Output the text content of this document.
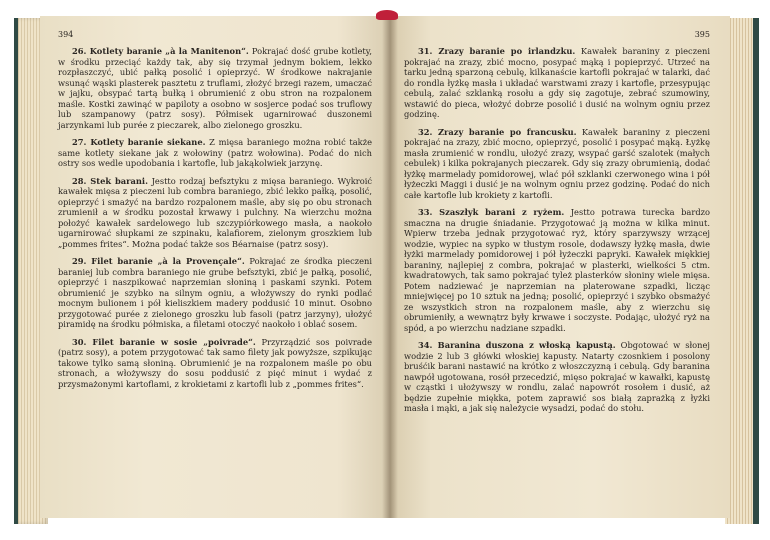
394

26. Kotlety baranie „à la Manitenon“. Pokrajać dość grube kotlety, w środku przeciąć każdy tak, aby się trzymał jednym bokiem, lekko rozpłaszczyć, ubić pałką posolić i opieprzyć. W środkowe nakrajanie wsunąć wąski plasterek pasztetu z truflami, złożyć brzegi razem, umaczać w jajku, obsypać tartą bułką i obrumienić z obu stron na rozpalonem maśle. Kostki zawinąć w papiloty a osobno w sosjerce podać sos truflowy lub szampanowy (patrz sosy). Półmisek ugarnirować duszonemi jarzynkami lub purée z pieczarek, albo zielonego groszku.

27. Kotlety baranie siekane. Z mięsa baraniego można robić także same kotlety siekane jak z wołowiny (patrz wołowina). Podać do nich ostry sos wedle upodobania i kartofle, lub jakąkolwiek jarzynę.

28. Stek barani. Jestto rodzaj befsztyku z mięsa baraniego. Wykroić kawałek mięsa z pieczeni lub combra baraniego, zbić lekko pałką, posolić, opieprzyć i smażyć na bardzo rozpalonem maśle, aby się po obu stronach zrumienił a w środku pozostał krwawy i pulchny. Na wierzchu można położyć kawałek sardelowego lub szczypiórkowego masła, a naokoło ugarnirować słupkami ze szpinaku, kalafiorem, zielonym groszkiem lub „pommes frites“. Można podać także sos Béarnaise (patrz sosy).

29. Filet baranie „à la Provençale“. Pokrajać ze środka pieczeni baraniej lub combra baraniego nie grube befsztyki, zbić je pałką, posolić, opieprzyć i naszpikować naprzemian słoniną i paskami szynki. Potem obrumienić je szybko na silnym ogniu, a włożywszy do rynki podlać mocnym bulionem i pół kieliszkiem madery poddusić 10 minut. Osobno przygotować purée z zielonego groszku lub fasoli (patrz jarzyny), ułożyć piramidę na środku półmiska, a filetami otoczyć naokoło i oblać sosem.

30. Filet baranie w sosie „poivrade“. Przyrządzić sos poivrade (patrz sosy), a potem przygotować tak samo filety jak powyższe, szpikując takowe tylko samą słoniną. Obrumienić je na rozpalonem maśle po obu stronach, a włożywszy do sosu poddusić z pięć minut i wydać z przysmażonymi kartoflami, z krokietami z kartofli lub z „pommes frites“.

395

31. Zrazy baranie po irlandzku. Kawałek baraniny z pieczeni pokrajać na zrazy, zbić mocno, posypać mąką i popieprzyć. Utrzeć na tarku jedną sparzoną cebulę, kilkanaście kartofli pokrajać w talarki, dać do rondla łyżkę masła i układać warstwami zrazy i kartofle, przesypując cebulą, zalać szklanką rosołu a gdy się zagotuje, zebrać szumowiny, wstawić do pieca, włożyć dobrze posolić i dusić na wolnym ogniu przez godzinę.

32. Zrazy baranie po francusku. Kawałek baraniny z pieczeni pokrajać na zrazy, zbić mocno, opieprzyć, posolić i posypać mąką. Łyżkę masła zrumienić w rondlu, ułożyć zrazy, wsypać garść szalotek (małych cebulek) i kilka pokrajanych pieczarek. Gdy się zrazy obrumienią, dodać łyżkę marmelady pomidorowej, wlać pół szklanki czerwonego wina i pół łyżeczki Maggi i dusić je na wolnym ogniu przez godzinę. Podać do nich całe kartofle lub krokiety z kartofli.

33. Szaszłyk barani z ryżem. Jestto potrawa turecka bardzo smaczna na drugie śniadanie. Przygotować ją można w kilka minut. Wpierw trzeba jednak przygotować ryż, który sparzywszy wrzącej wodzie, wypiec na sypko w tłustym rosole, dodawszy łyżkę masła, dwie łyżki marmelady pomidorowej i pół łyżeczki papryki. Kawałek miękkiej baraniny, najlepiej z combra, pokrajać w plasterki, wielkości 5 ctm. kwadratowych, tak samo pokrajać tyleż plasterków słoniny wiele mięsa. Potem nadziewać je naprzemian na platerowane szpadki, licząc mniejwięcej po 10 sztuk na jedną; posolić, opieprzyć i szybko obsmażyć ze wszystkich stron na rozpalonem maśle, aby z wierzchu się obrumieniły, a wewnątrz były krwawe i soczyste. Podając, ułożyć ryż na spód, a po wierzchu nadziane szpadki.

34. Baranina duszona z włoską kapustą. Obgotować w słonej wodzie 2 lub 3 główki włoskiej kapusty. Natarty czosnkiem i posolony bruśćik barani nastawić na krótko z włoszczyzną i cebulą. Gdy baranina nawpół ugotowana, rosół przecedzić, mięso pokrajać w kawałki, kapustę w cząstki i ułożywszy w rondlu, zalać napowrót rosołem i dusić, aż będzie zupełnie miękka, potem zaprawić sos białą zaprażką z łyżki masła i mąki, a jak się należycie wysadzi, podać do stołu.
